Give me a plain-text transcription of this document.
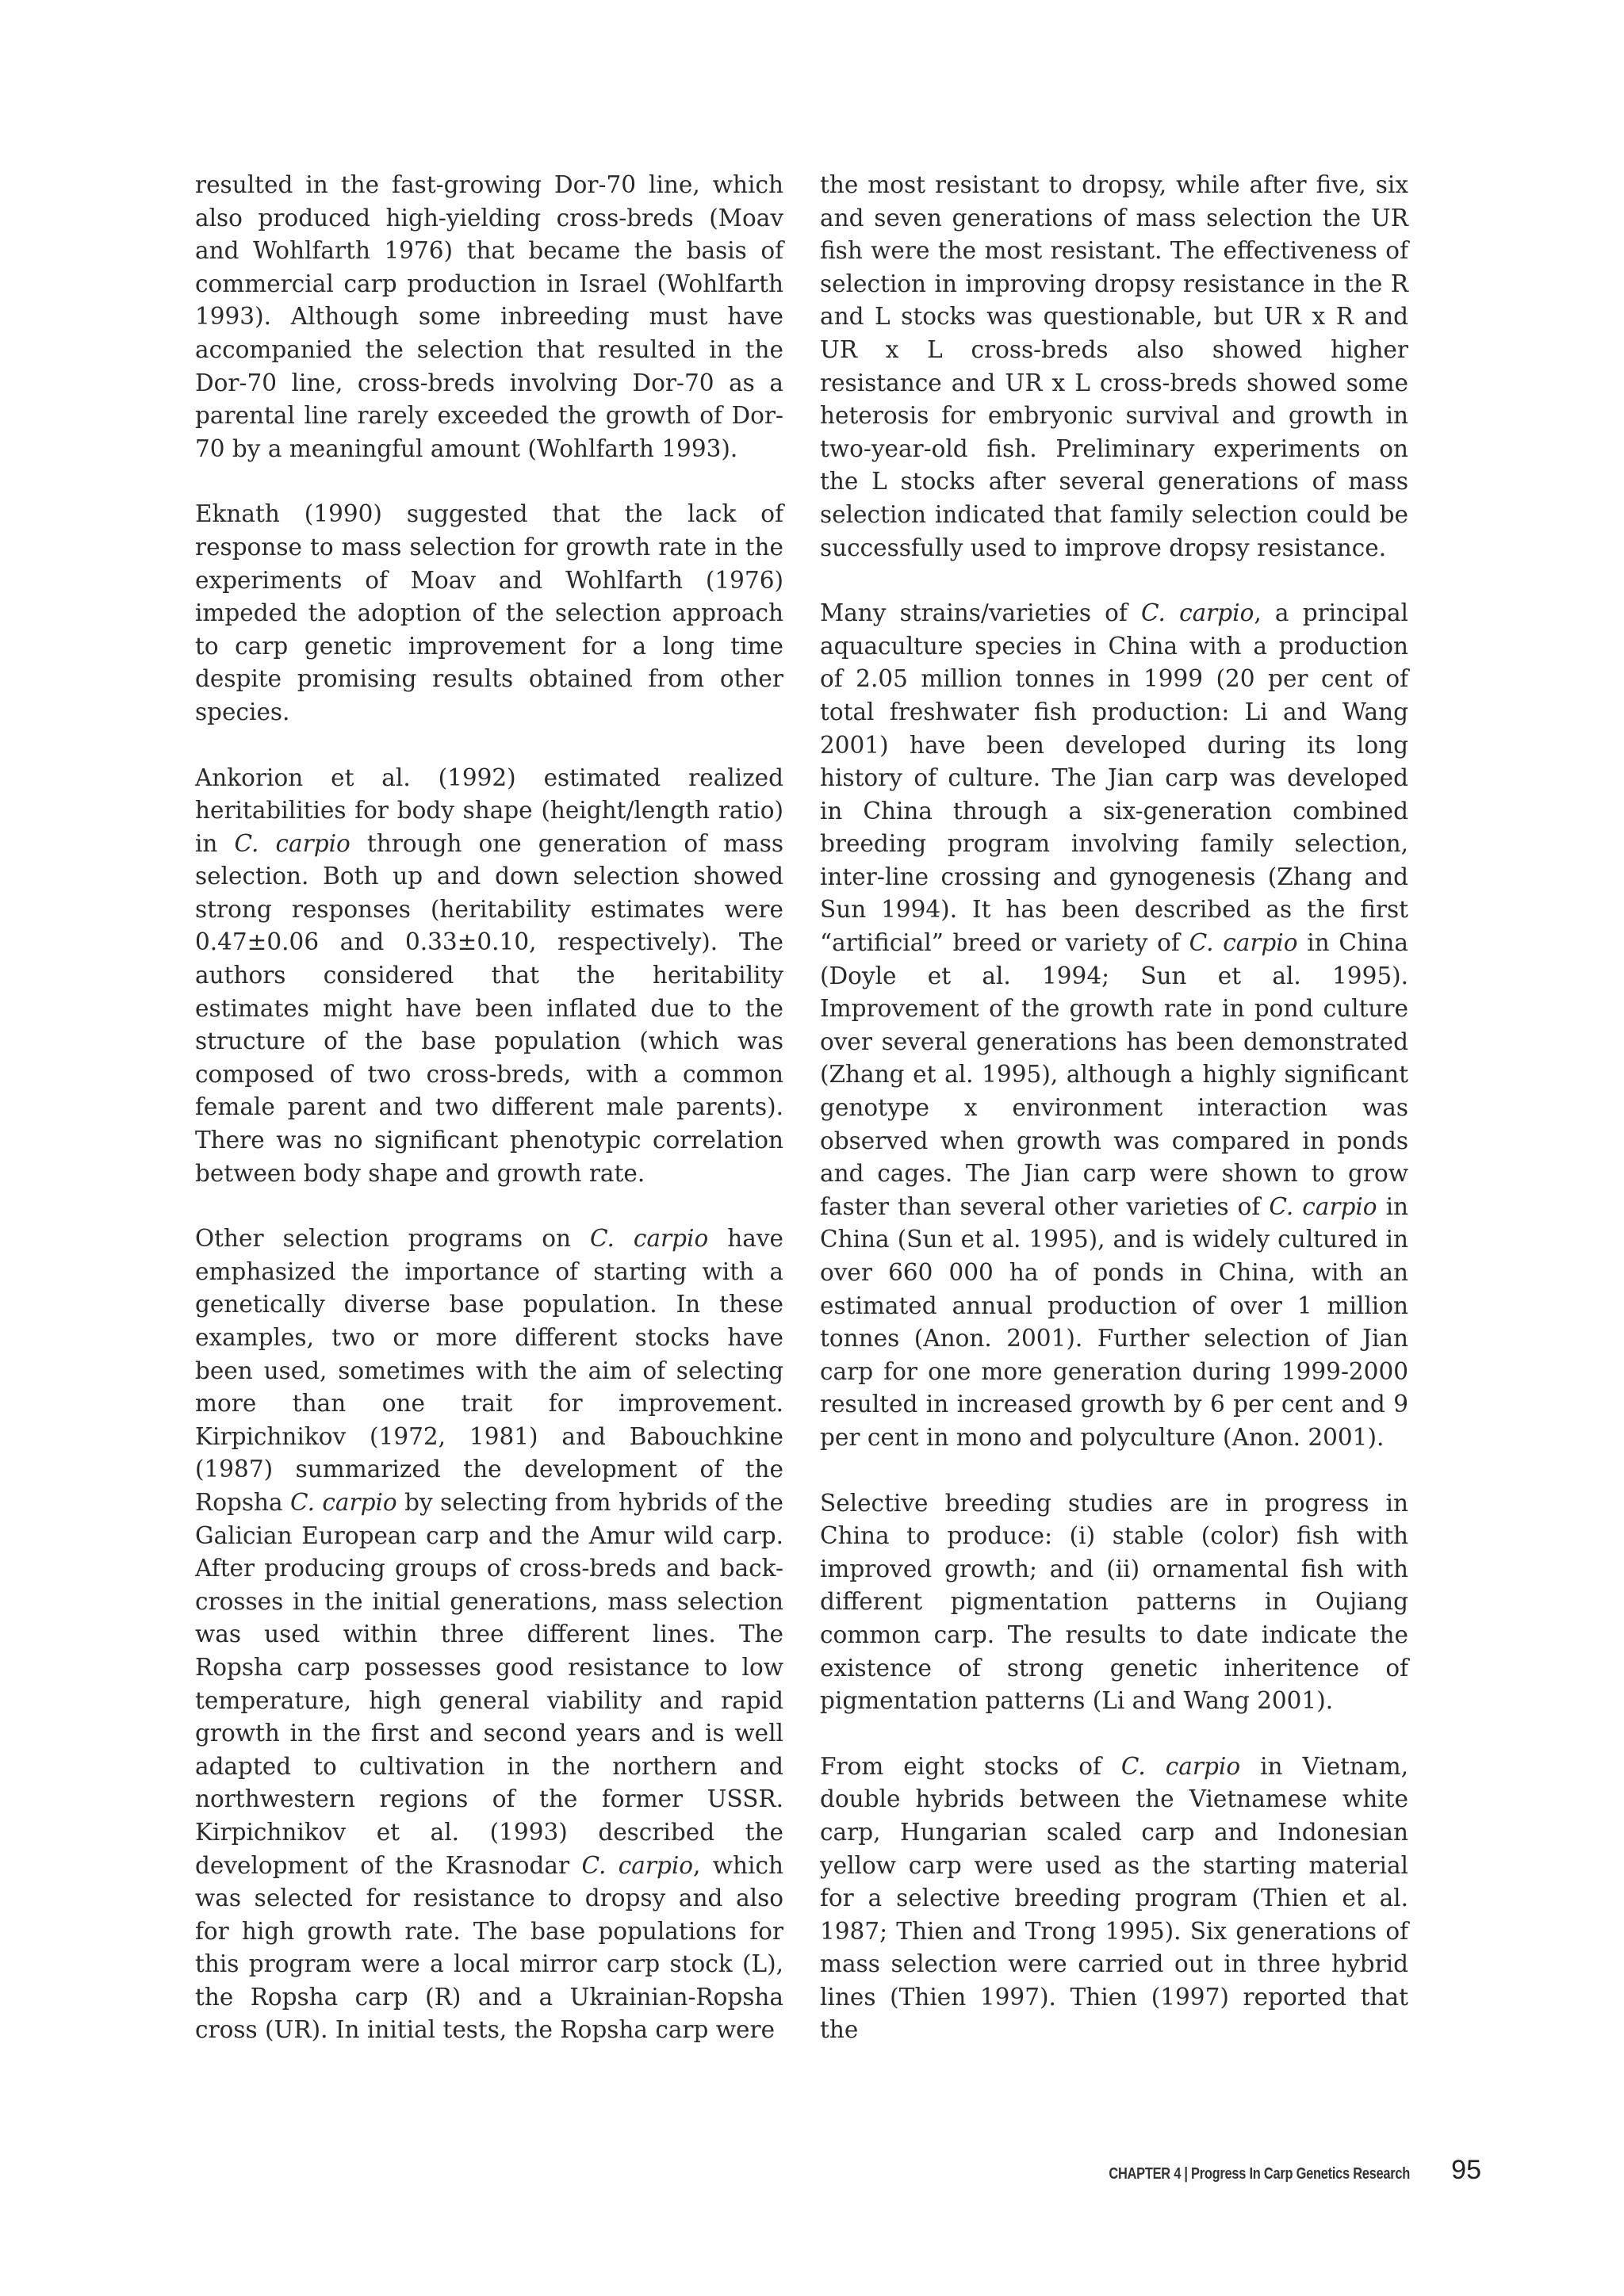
resulted in the fast-growing Dor-70 line, which also produced high-yielding cross-breds (Moav and Wohlfarth 1976) that became the basis of commercial carp production in Israel (Wohlfarth 1993). Although some inbreeding must have accompanied the selection that resulted in the Dor-70 line, cross-breds involving Dor-70 as a parental line rarely exceeded the growth of Dor-70 by a meaningful amount (Wohlfarth 1993).

Eknath (1990) suggested that the lack of response to mass selection for growth rate in the experiments of Moav and Wohlfarth (1976) impeded the adoption of the selection approach to carp genetic improvement for a long time despite promising results obtained from other species.

Ankorion et al. (1992) estimated realized heritabilities for body shape (height/length ratio) in C. carpio through one generation of mass selection. Both up and down selection showed strong responses (heritability estimates were 0.47±0.06 and 0.33±0.10, respectively). The authors considered that the heritability estimates might have been inflated due to the structure of the base population (which was composed of two cross-breds, with a common female parent and two different male parents). There was no significant phenotypic correlation between body shape and growth rate.

Other selection programs on C. carpio have emphasized the importance of starting with a genetically diverse base population. In these examples, two or more different stocks have been used, sometimes with the aim of selecting more than one trait for improvement. Kirpichnikov (1972, 1981) and Babouchkine (1987) summarized the development of the Ropsha C. carpio by selecting from hybrids of the Galician European carp and the Amur wild carp. After producing groups of cross-breds and back-crosses in the initial generations, mass selection was used within three different lines. The Ropsha carp possesses good resistance to low temperature, high general viability and rapid growth in the first and second years and is well adapted to cultivation in the northern and northwestern regions of the former USSR. Kirpichnikov et al. (1993) described the development of the Krasnodar C. carpio, which was selected for resistance to dropsy and also for high growth rate. The base populations for this program were a local mirror carp stock (L), the Ropsha carp (R) and a Ukrainian-Ropsha cross (UR). In initial tests, the Ropsha carp were

the most resistant to dropsy, while after five, six and seven generations of mass selection the UR fish were the most resistant. The effectiveness of selection in improving dropsy resistance in the R and L stocks was questionable, but UR x R and UR x L cross-breds also showed higher resistance and UR x L cross-breds showed some heterosis for embryonic survival and growth in two-year-old fish. Preliminary experiments on the L stocks after several generations of mass selection indicated that family selection could be successfully used to improve dropsy resistance.

Many strains/varieties of C. carpio, a principal aquaculture species in China with a production of 2.05 million tonnes in 1999 (20 per cent of total freshwater fish production: Li and Wang 2001) have been developed during its long history of culture. The Jian carp was developed in China through a six-generation combined breeding program involving family selection, inter-line crossing and gynogenesis (Zhang and Sun 1994). It has been described as the first “artificial” breed or variety of C. carpio in China (Doyle et al. 1994; Sun et al. 1995). Improvement of the growth rate in pond culture over several generations has been demonstrated (Zhang et al. 1995), although a highly significant genotype x environment interaction was observed when growth was compared in ponds and cages. The Jian carp were shown to grow faster than several other varieties of C. carpio in China (Sun et al. 1995), and is widely cultured in over 660 000 ha of ponds in China, with an estimated annual production of over 1 million tonnes (Anon. 2001). Further selection of Jian carp for one more generation during 1999-2000 resulted in increased growth by 6 per cent and 9 per cent in mono and polyculture (Anon. 2001).

Selective breeding studies are in progress in China to produce: (i) stable (color) fish with improved growth; and (ii) ornamental fish with different pigmentation patterns in Oujiang common carp. The results to date indicate the existence of strong genetic inheritence of pigmentation patterns (Li and Wang 2001).

From eight stocks of C. carpio in Vietnam, double hybrids between the Vietnamese white carp, Hungarian scaled carp and Indonesian yellow carp were used as the starting material for a selective breeding program (Thien et al. 1987; Thien and Trong 1995). Six generations of mass selection were carried out in three hybrid lines (Thien 1997). Thien (1997) reported that the

CHAPTER 4 | Progress In Carp Genetics Research 95
